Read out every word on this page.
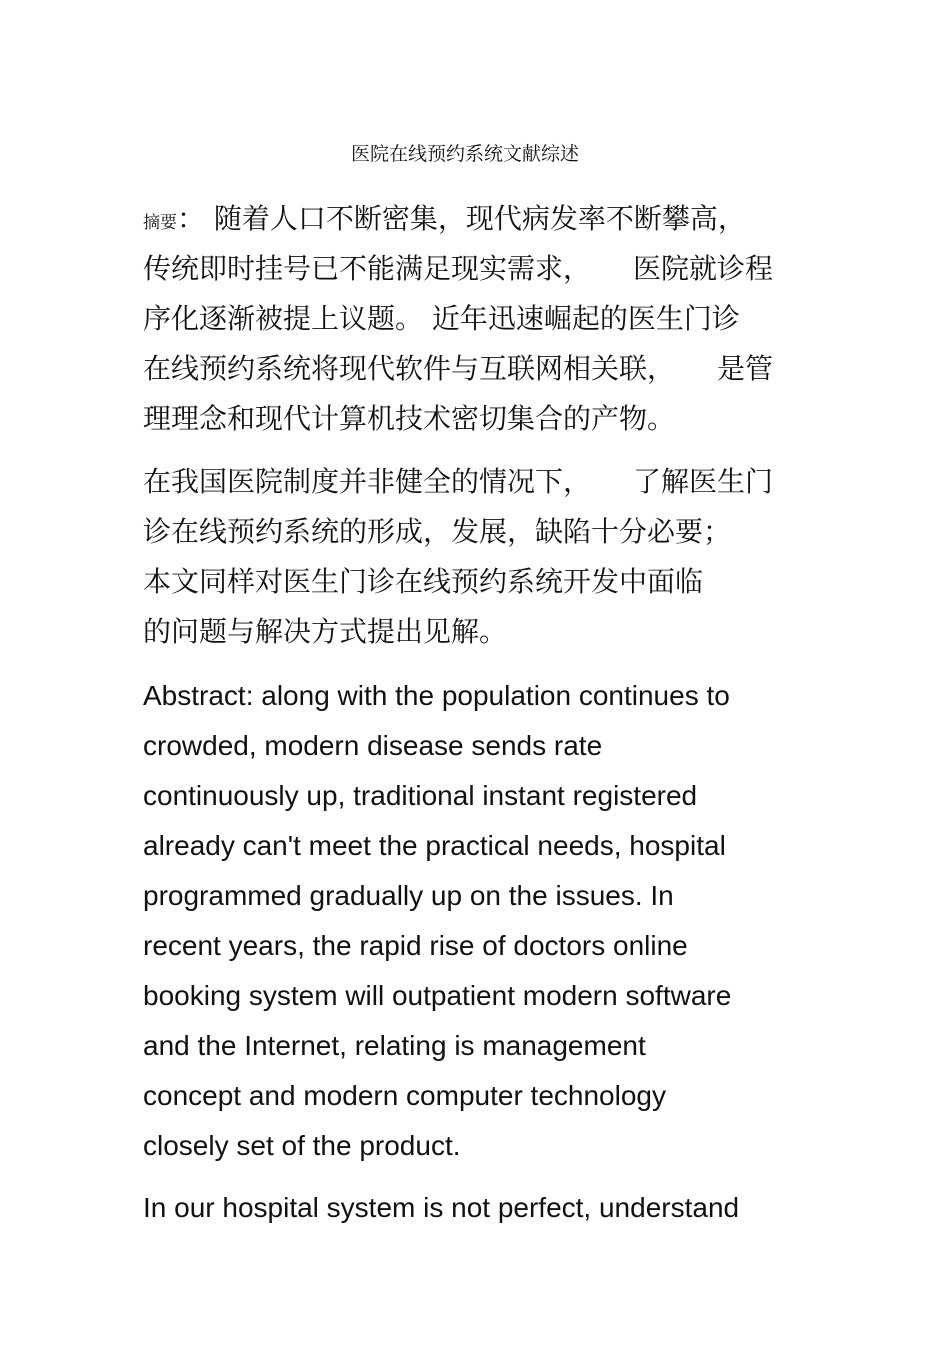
医院在线预约系统文献综述
摘要： 随着人口不断密集，现代病发率不断攀高，
传统即时挂号已不能满足现实需求， 医院就诊程
序化逐渐被提上议题。 近年迅速崛起的医生门诊
在线预约系统将现代软件与互联网相关联， 是管
理理念和现代计算机技术密切集合的产物。
在我国医院制度并非健全的情况下， 了解医生门
诊在线预约系统的形成，发展，缺陷十分必要；
本文同样对医生门诊在线预约系统开发中面临
的问题与解决方式提出见解。
Abstract: along with the population continues to
crowded, modern disease sends rate
continuously up, traditional instant registered
already can't meet the practical needs, hospital
programmed gradually up on the issues. In
recent years, the rapid rise of doctors online
booking system will outpatient modern software
and the Internet, relating is management
concept and modern computer technology
closely set of the product.
In our hospital system is not perfect, understand
